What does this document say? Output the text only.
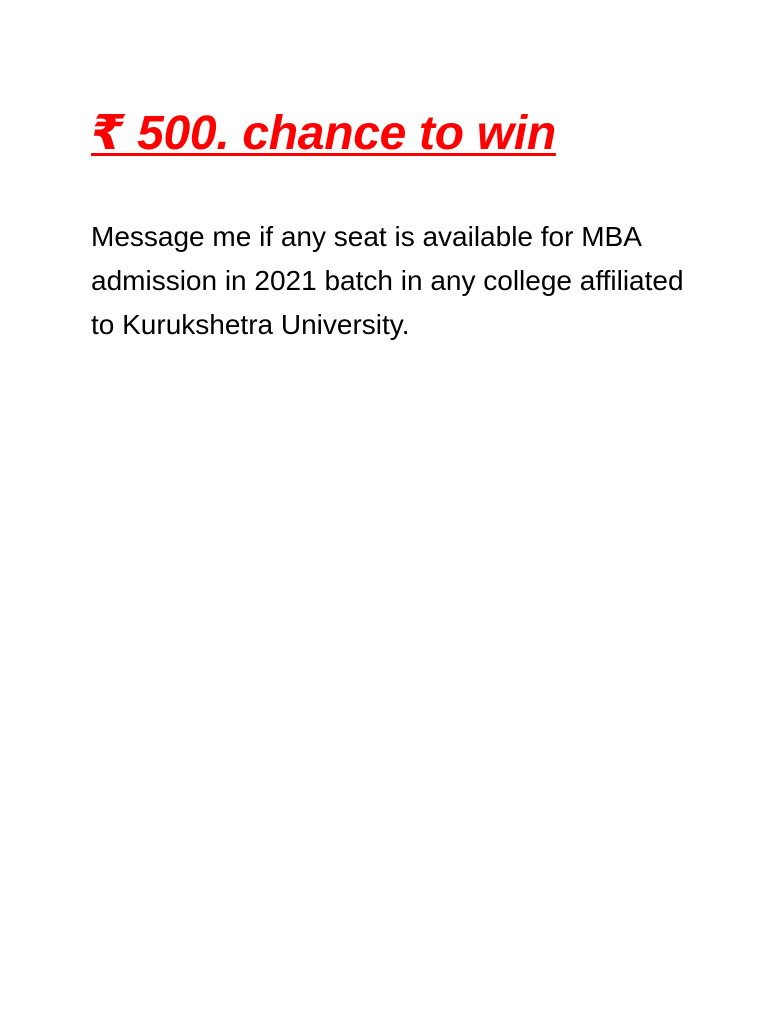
₹ 500. chance to win

Message me if any seat is available for MBA admission in 2021 batch in any college affiliated to Kurukshetra University.
